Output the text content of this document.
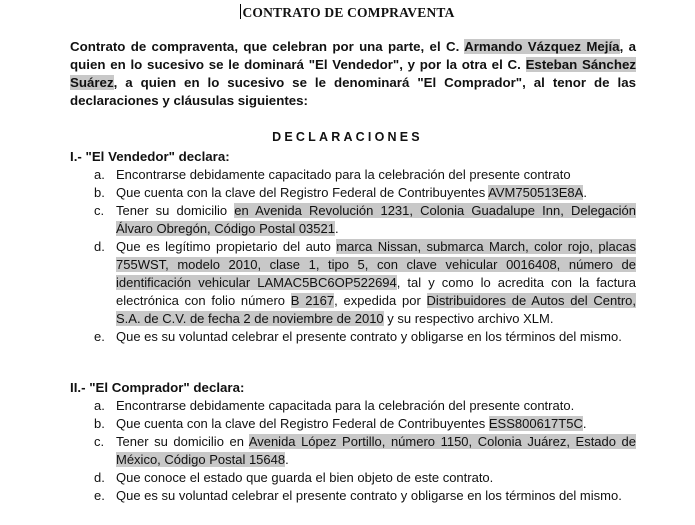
CONTRATO DE COMPRAVENTA
Contrato de compraventa, que celebran por una parte, el C. Armando Vázquez Mejía, a quien en lo sucesivo se le dominará "El Vendedor", y por la otra el C. Esteban Sánchez Suárez, a quien en lo sucesivo se le denominará "El Comprador", al tenor de las declaraciones y cláusulas siguientes:
DECLARACIONES
I.- "El Vendedor" declara:
a. Encontrarse debidamente capacitado para la celebración del presente contrato
b. Que cuenta con la clave del Registro Federal de Contribuyentes AVM750513E8A.
c. Tener su domicilio en Avenida Revolución 1231, Colonia Guadalupe Inn, Delegación Álvaro Obregón, Código Postal 03521.
d. Que es legítimo propietario del auto marca Nissan, submarca March, color rojo, placas 755WST, modelo 2010, clase 1, tipo 5, con clave vehicular 0016408, número de identificación vehicular LAMAC5BC6OP522694, tal y como lo acredita con la factura electrónica con folio número B 2167, expedida por Distribuidores de Autos del Centro, S.A. de C.V. de fecha 2 de noviembre de 2010 y su respectivo archivo XLM.
e. Que es su voluntad celebrar el presente contrato y obligarse en los términos del mismo.
II.- "El Comprador" declara:
a. Encontrarse debidamente capacitada para la celebración del presente contrato.
b. Que cuenta con la clave del Registro Federal de Contribuyentes ESS800617T5C.
c. Tener su domicilio en Avenida López Portillo, número 1150, Colonia Juárez, Estado de México, Código Postal 15648.
d. Que conoce el estado que guarda el bien objeto de este contrato.
e. Que es su voluntad celebrar el presente contrato y obligarse en los términos del mismo.
